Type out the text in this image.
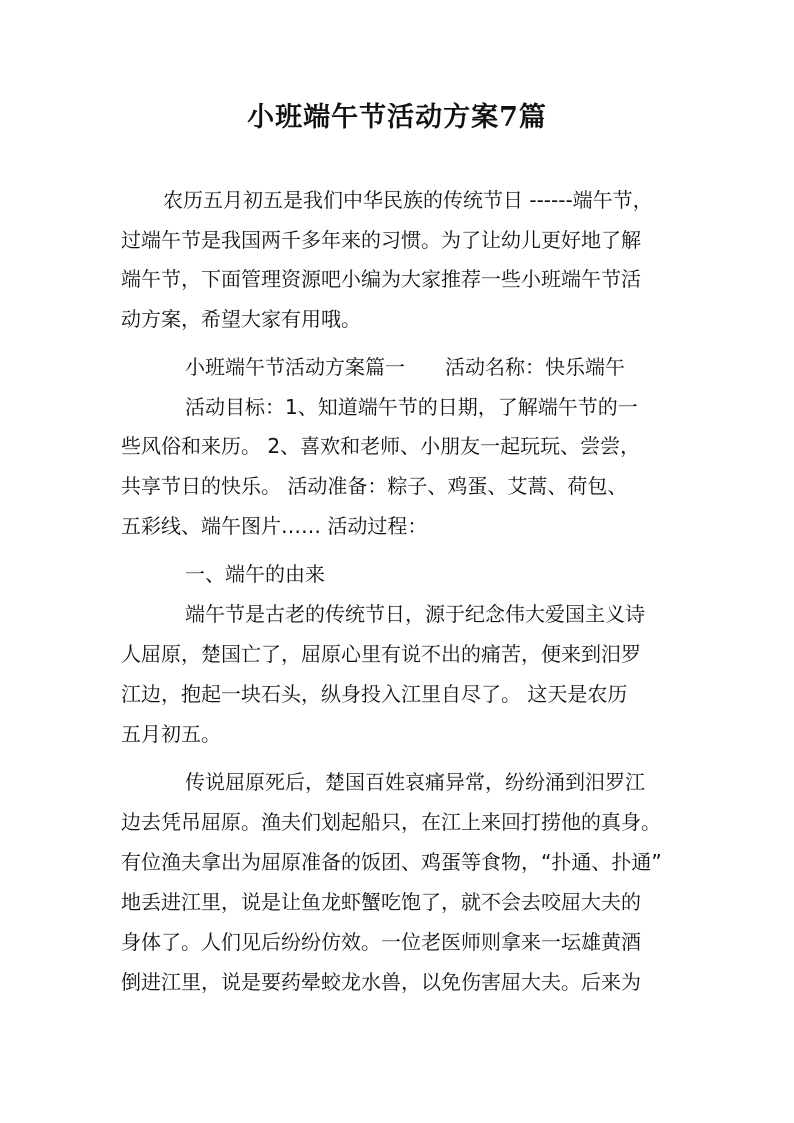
小班端午节活动方案7篇
农历五月初五是我们中华民族的传统节日 ------端午节，
过端午节是我国两千多年来的习惯。为了让幼儿更好地了解
端午节，下面管理资源吧小编为大家推荐一些小班端午节活
动方案，希望大家有用哦。
小班端午节活动方案篇一　　活动名称：快乐端午
活动目标：1、知道端午节的日期，了解端午节的一
些风俗和来历。 2、喜欢和老师、小朋友一起玩玩、尝尝，
共享节日的快乐。 活动准备：粽子、鸡蛋、艾蒿、荷包、
五彩线、端午图片…… 活动过程：
一、端午的由来
端午节是古老的传统节日，源于纪念伟大爱国主义诗
人屈原，楚国亡了，屈原心里有说不出的痛苦，便来到汨罗
江边，抱起一块石头，纵身投入江里自尽了。 这天是农历
五月初五。
传说屈原死后，楚国百姓哀痛异常，纷纷涌到汨罗江
边去凭吊屈原。渔夫们划起船只，在江上来回打捞他的真身。
有位渔夫拿出为屈原准备的饭团、鸡蛋等食物，“扑通、扑通”
地丢进江里，说是让鱼龙虾蟹吃饱了，就不会去咬屈大夫的
身体了。人们见后纷纷仿效。一位老医师则拿来一坛雄黄酒
倒进江里，说是要药晕蛟龙水兽，以免伤害屈大夫。后来为
